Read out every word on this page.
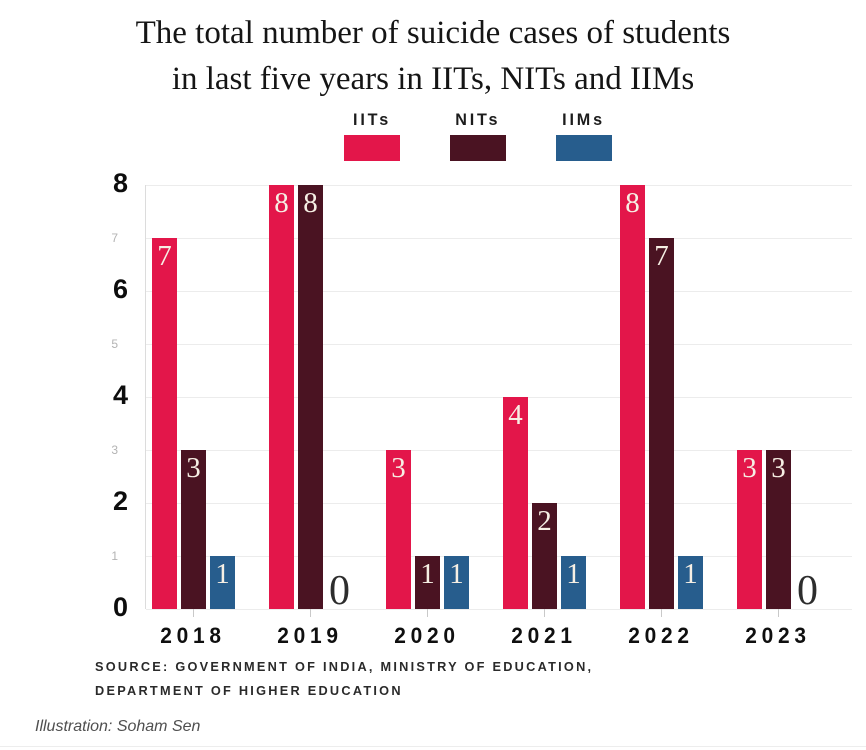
The total number of suicide cases of students
in last five years in IITs, NITs and IIMs
IITs	NITs	IIMs
0
1
2
3
4
5
6
7
8
7
3
1
2018
8 8
0
2019
3
1 1
2020
4
2
1
2021
8
7
1
2022
3 3
0
2023
SOURCE: GOVERNMENT OF INDIA, MINISTRY OF EDUCATION,
DEPARTMENT OF HIGHER EDUCATION
Illustration: Soham Sen
